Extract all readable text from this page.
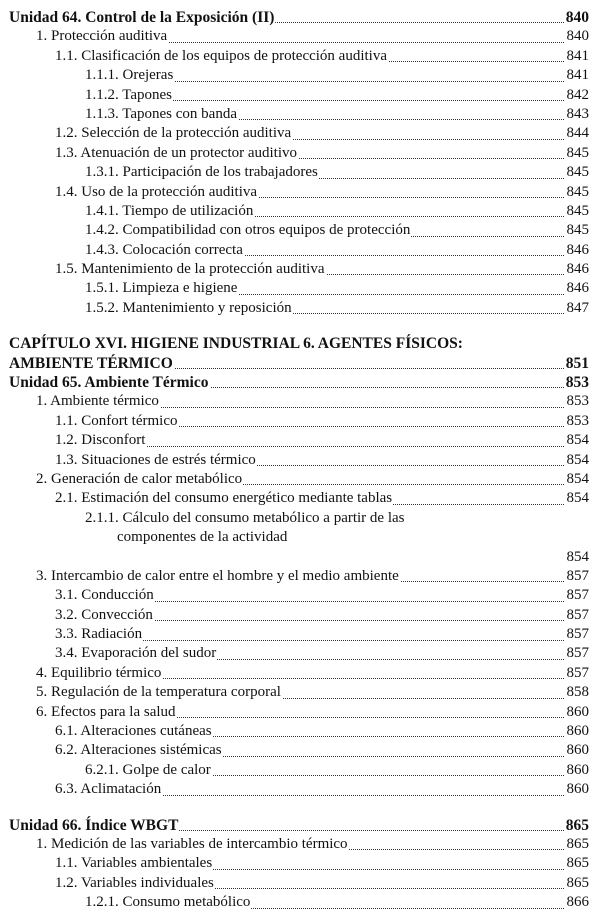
Unidad 64. Control de la Exposición (II)	840
1. Protección auditiva	840
1.1. Clasificación de los equipos de protección auditiva	841
1.1.1. Orejeras	841
1.1.2. Tapones	842
1.1.3. Tapones con banda	843
1.2. Selección de la protección auditiva	844
1.3. Atenuación de un protector auditivo	845
1.3.1. Participación de los trabajadores	845
1.4. Uso de la protección auditiva	845
1.4.1. Tiempo de utilización	845
1.4.2. Compatibilidad con otros equipos de protección	845
1.4.3. Colocación correcta	846
1.5. Mantenimiento de la protección auditiva	846
1.5.1. Limpieza e higiene	846
1.5.2. Mantenimiento y reposición	847
CAPÍTULO XVI. HIGIENE INDUSTRIAL 6. AGENTES FÍSICOS:
AMBIENTE TÉRMICO	851
Unidad 65. Ambiente Térmico	853
1. Ambiente térmico	853
1.1. Confort térmico	853
1.2. Disconfort	854
1.3. Situaciones de estrés térmico	854
2. Generación de calor metabólico	854
2.1. Estimación del consumo energético mediante tablas	854
2.1.1. Cálculo del consumo metabólico a partir de las
componentes de la actividad
854
3. Intercambio de calor entre el hombre y el medio ambiente	857
3.1. Conducción	857
3.2. Convección	857
3.3. Radiación	857
3.4. Evaporación del sudor	857
4. Equilibrio térmico	857
5. Regulación de la temperatura corporal	858
6. Efectos para la salud	860
6.1. Alteraciones cutáneas	860
6.2. Alteraciones sistémicas	860
6.2.1. Golpe de calor	860
6.3. Aclimatación	860
Unidad 66. Índice WBGT	865
1. Medición de las variables de intercambio térmico	865
1.1. Variables ambientales	865
1.2. Variables individuales	865
1.2.1. Consumo metabólico	866
